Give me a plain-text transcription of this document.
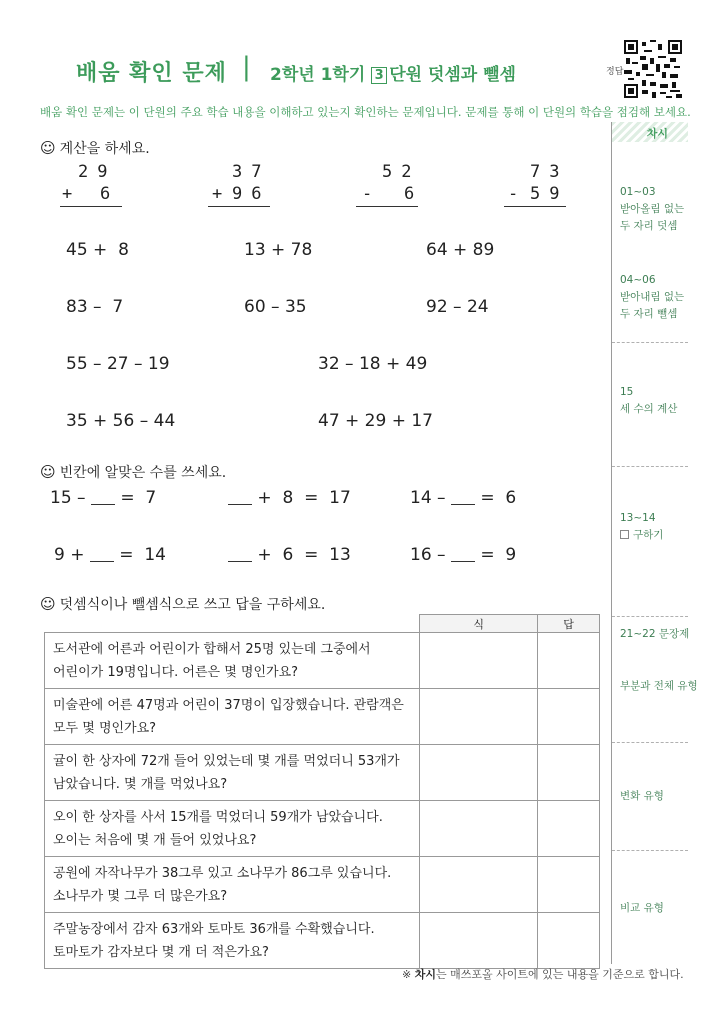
배움 확인 문제 | 2학년 1학기 3 단원 덧셈과 뺄셈	정답
배움 확인 문제는 이 단원의 주요 학습 내용을 이해하고 있는지 확인하는 문제입니다. 문제를 통해 이 단원의 학습을 점검해 보세요.
차시
01~03
받아올림 없는
두 자리 덧셈
04~06
받아내림 없는
두 자리 뺄셈
15
세 수의 계산
13~14
구하기
21~22 문장제
부분과 전체 유형
변화 유형
비교 유형
☺ 계산을 하세요.
29
+ 6
37
+ 96
52
- 6
73
- 59
45 +  8	13 + 78	64 + 89
83 –  7	60 – 35	92 – 24
55 – 27 – 19	32 – 18 + 49
35 + 56 – 44	47 + 29 + 17
☺ 빈칸에 알맞은 수를 쓰세요.
15 –  =  7	+  8  =  17	14 –  =  6
9 +  =  14	+  6  =  13	16 –  =  9
☺ 덧셈식이나 뺄셈식으로 쓰고 답을 구하세요.
	식	답

도서관에 어른과 어린이가 합해서 25명 있는데 그중에서
어린이가 19명입니다. 어른은 몇 명인가요?		

미술관에 어른 47명과 어린이 37명이 입장했습니다. 관람객은
모두 몇 명인가요?		

귤이 한 상자에 72개 들어 있었는데 몇 개를 먹었더니 53개가
남았습니다. 몇 개를 먹었나요?		

오이 한 상자를 사서 15개를 먹었더니 59개가 남았습니다.
오이는 처음에 몇 개 들어 있었나요?		

공원에 자작나무가 38그루 있고 소나무가 86그루 있습니다.
소나무가 몇 그루 더 많은가요?		

주말농장에서 감자 63개와 토마토 36개를 수확했습니다.
토마토가 감자보다 몇 개 더 적은가요?		

※ 차시는 매쓰포올 사이트에 있는 내용을 기준으로 합니다.
